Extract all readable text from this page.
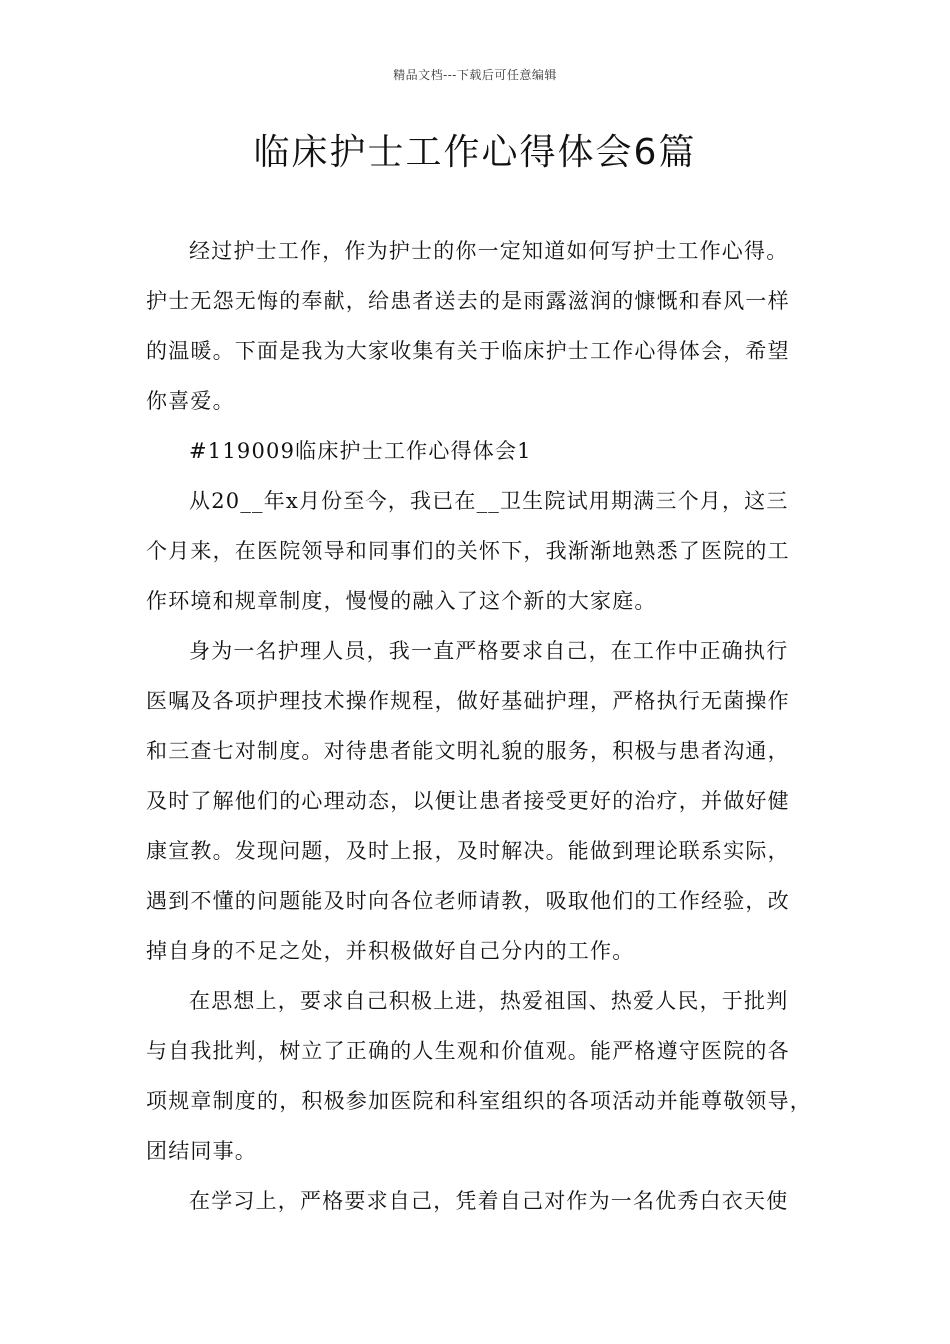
精品文档---下载后可任意编辑
临床护士工作心得体会6篇
经过护士工作，作为护士的你一定知道如何写护士工作心得。
护士无怨无悔的奉献，给患者送去的是雨露滋润的慷慨和春风一样
的温暖。下面是我为大家收集有关于临床护士工作心得体会，希望
你喜爱。
#119009临床护士工作心得体会1
从20__年x月份至今，我已在__卫生院试用期满三个月，这三
个月来，在医院领导和同事们的关怀下，我渐渐地熟悉了医院的工
作环境和规章制度，慢慢的融入了这个新的大家庭。
身为一名护理人员，我一直严格要求自己，在工作中正确执行
医嘱及各项护理技术操作规程，做好基础护理，严格执行无菌操作
和三查七对制度。对待患者能文明礼貌的服务，积极与患者沟通，
及时了解他们的心理动态，以便让患者接受更好的治疗，并做好健
康宣教。发现问题，及时上报，及时解决。能做到理论联系实际，
遇到不懂的问题能及时向各位老师请教，吸取他们的工作经验，改
掉自身的不足之处，并积极做好自己分内的工作。
在思想上，要求自己积极上进，热爱祖国、热爱人民，于批判
与自我批判，树立了正确的人生观和价值观。能严格遵守医院的各
项规章制度的，积极参加医院和科室组织的各项活动并能尊敬领导，
团结同事。
在学习上，严格要求自己，凭着自己对作为一名优秀白衣天使
